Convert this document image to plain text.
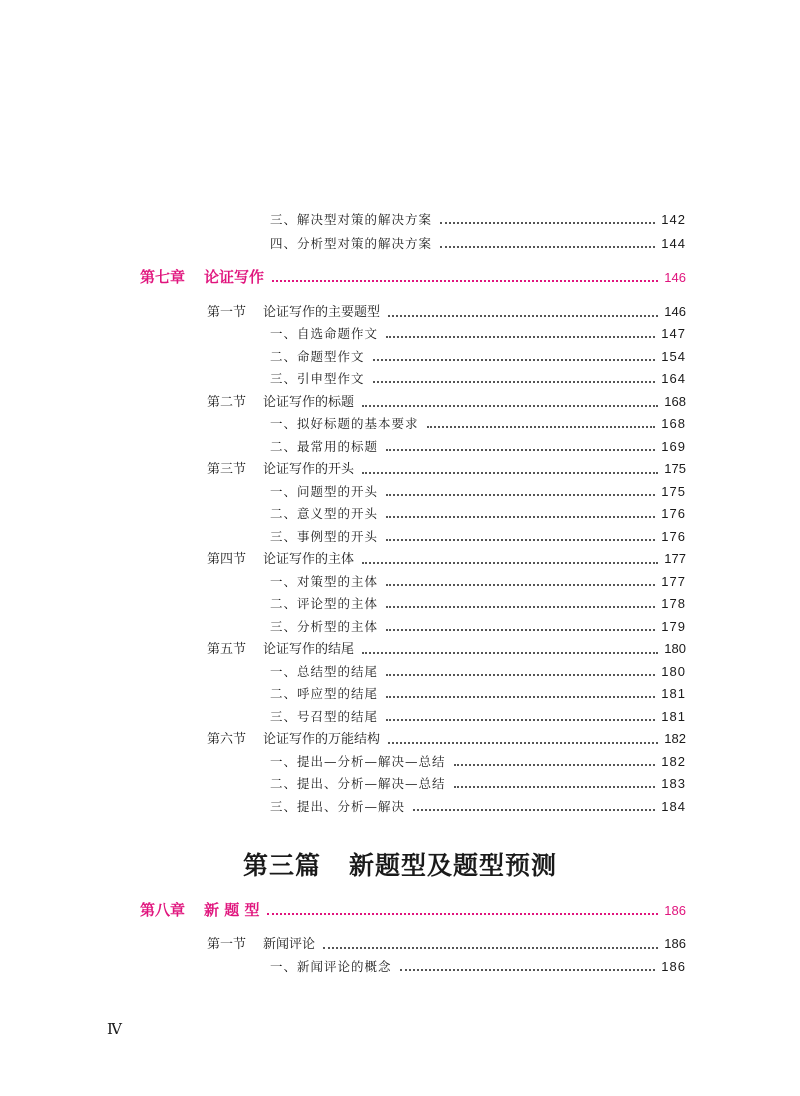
三、解决型对策的解决方案	142
四、分析型对策的解决方案	144
第七章 论证写作	146
第一节 论证写作的主要题型	146
一、自选命题作文	147
二、命题型作文	154
三、引申型作文	164
第二节 论证写作的标题	168
一、拟好标题的基本要求	168
二、最常用的标题	169
第三节 论证写作的开头	175
一、问题型的开头	175
二、意义型的开头	176
三、事例型的开头	176
第四节 论证写作的主体	177
一、对策型的主体	177
二、评论型的主体	178
三、分析型的主体	179
第五节 论证写作的结尾	180
一、总结型的结尾	180
二、呼应型的结尾	181
三、号召型的结尾	181
第六节 论证写作的万能结构	182
一、提出—分析—解决—总结	182
二、提出、分析—解决—总结	183
三、提出、分析—解决	184
第三篇 新题型及题型预测
第八章 新 题 型	186
第一节 新闻评论	186
一、新闻评论的概念	186
Ⅳ
